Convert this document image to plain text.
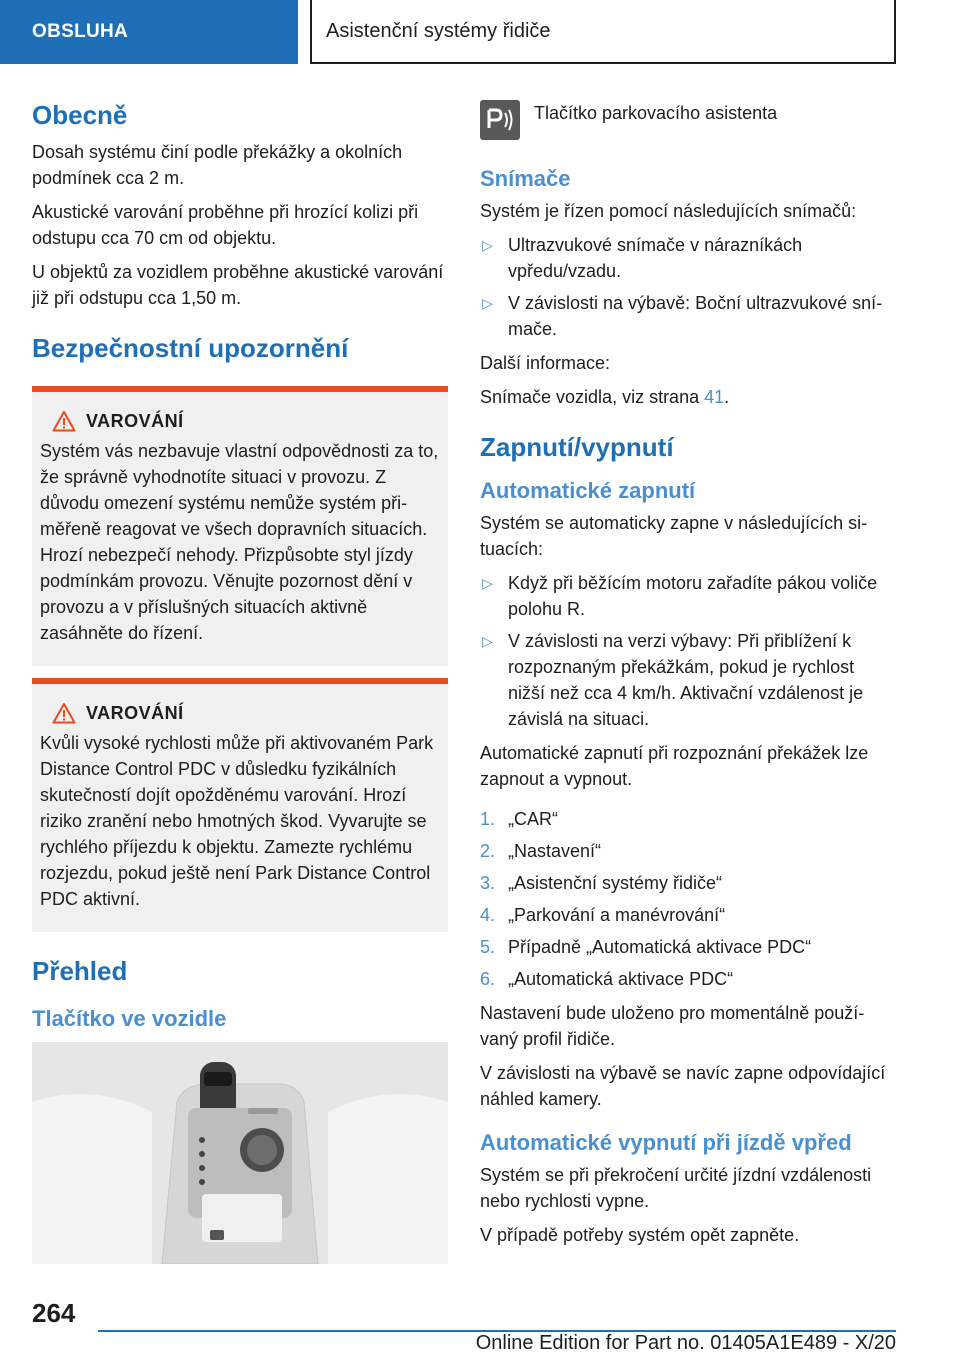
OBSLUHA	Asistenční systémy řidiče
Obecně

Dosah systému činí podle překážky a okolních podmínek cca 2 m.

Akustické varování proběhne při hrozící kolizi při odstupu cca 70 cm od objektu.

U objektů za vozidlem proběhne akustické varování již při odstupu cca 1,50 m.

Bezpečnostní upozornění
VAROVÁNÍ

Systém vás nezbavuje vlastní odpovědnosti za to, že správně vyhodnotíte situaci v provozu. Z důvodu omezení systému nemůže systém přiměřeně reagovat ve všech dopravních situacích. Hrozí nebezpečí nehody. Přizpůsobte styl jízdy podmínkám provozu. Věnujte pozornost dění v provozu a v příslušných situacích aktivně zasáhněte do řízení.

VAROVÁNÍ

Kvůli vysoké rychlosti může při aktivovaném Park Distance Control PDC v důsledku fyzikálních skutečností dojít opožděnému varování. Hrozí riziko zranění nebo hmotných škod. Vyvarujte se rychlého příjezdu k objektu. Zamezte rychlému rozjezdu, pokud ještě není Park Distance Control PDC aktivní.

Přehled
Tlačítko ve vozidle
Tlačítko parkovacího asistenta
Snímače

Systém je řízen pomocí následujících snímačů:

▷ Ultrazvukové snímače v nárazníkách vpředu/vzadu.
▷ V závislosti na výbavě: Boční ultrazvukové snímače.

Další informace:

Snímače vozidla, viz strana 41.

Zapnutí/vypnutí
Automatické zapnutí

Systém se automaticky zapne v následujících situacích:

▷ Když při běžícím motoru zařadíte pákou voliče polohu R.
▷ V závislosti na verzi výbavy: Při přiblížení k rozpoznaným překážkám, pokud je rychlost nižší než cca 4 km/h. Aktivační vzdálenost je závislá na situaci.

Automatické zapnutí při rozpoznání překážek lze zapnout a vypnout.

1. „CAR“
2. „Nastavení“
3. „Asistenční systémy řidiče“
4. „Parkování a manévrování“
5. Případně „Automatická aktivace PDC“
6. „Automatická aktivace PDC“

Nastavení bude uloženo pro momentálně používaný profil řidiče.

V závislosti na výbavě se navíc zapne odpovídající náhled kamery.

Automatické vypnutí při jízdě vpřed

Systém se při překročení určité jízdní vzdálenosti nebo rychlosti vypne.

V případě potřeby systém opět zapněte.

264
Online Edition for Part no. 01405A1E489 - X/20
